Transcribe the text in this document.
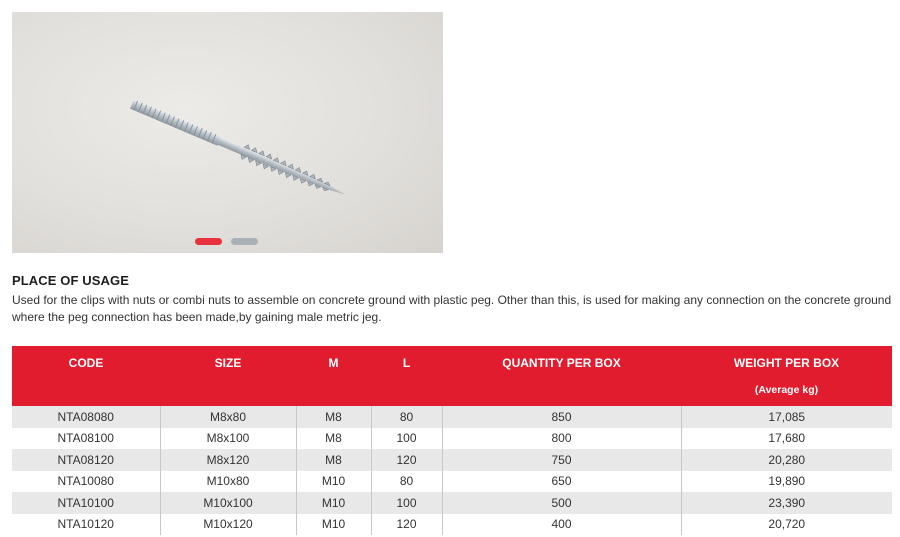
PLACE OF USAGE
Used for the clips with nuts or combi nuts to assemble on concrete ground with plastic peg. Other than this, is used for making any connection on the concrete ground where the peg connection has been made,by gaining male metric jeg.
CODE	SIZE	M	L	QUANTITY PER BOX	WEIGHT PER BOX
(Average kg)

NTA08080	M8x80	M8	80	850	17,085
NTA08100	M8x100	M8	100	800	17,680
NTA08120	M8x120	M8	120	750	20,280
NTA10080	M10x80	M10	80	650	19,890
NTA10100	M10x100	M10	100	500	23,390
NTA10120	M10x120	M10	120	400	20,720
